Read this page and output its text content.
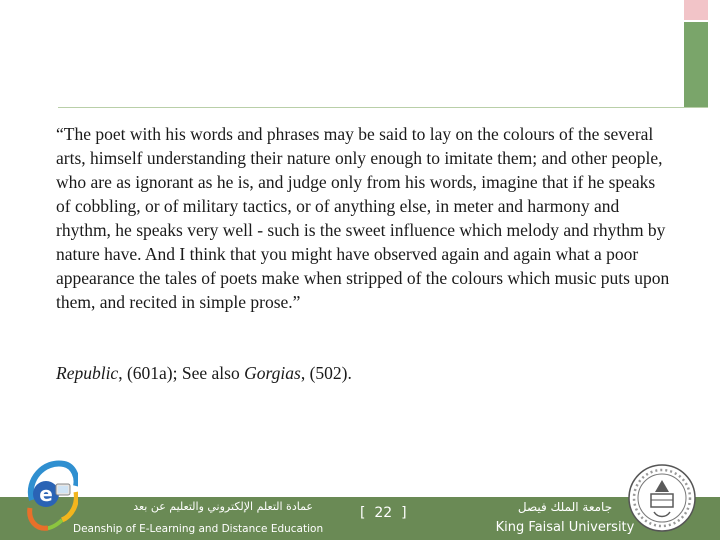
“The poet with his words and phrases may be said to lay on the colours of the several arts, himself understanding their nature only enough to imitate them; and other people, who are as ignorant as he is, and judge only from his words, imagine that if he speaks of cobbling, or of military tactics, or of anything else, in meter and harmony and rhythm, he speaks very well - such is the sweet influence which melody and rhythm by nature have. And I think that you might have observed again and again what a poor appearance the tales of poets make when stripped of the colours which music puts upon them, and recited in simple prose.”
Republic, (601a); See also Gorgias, (502).
عمادة التعلم الإلكتروني والتعليم عن بعد
Deanship of E-Learning and Distance Education
[  22  ]	جامعة الملك فيصل
King Faisal University
e
